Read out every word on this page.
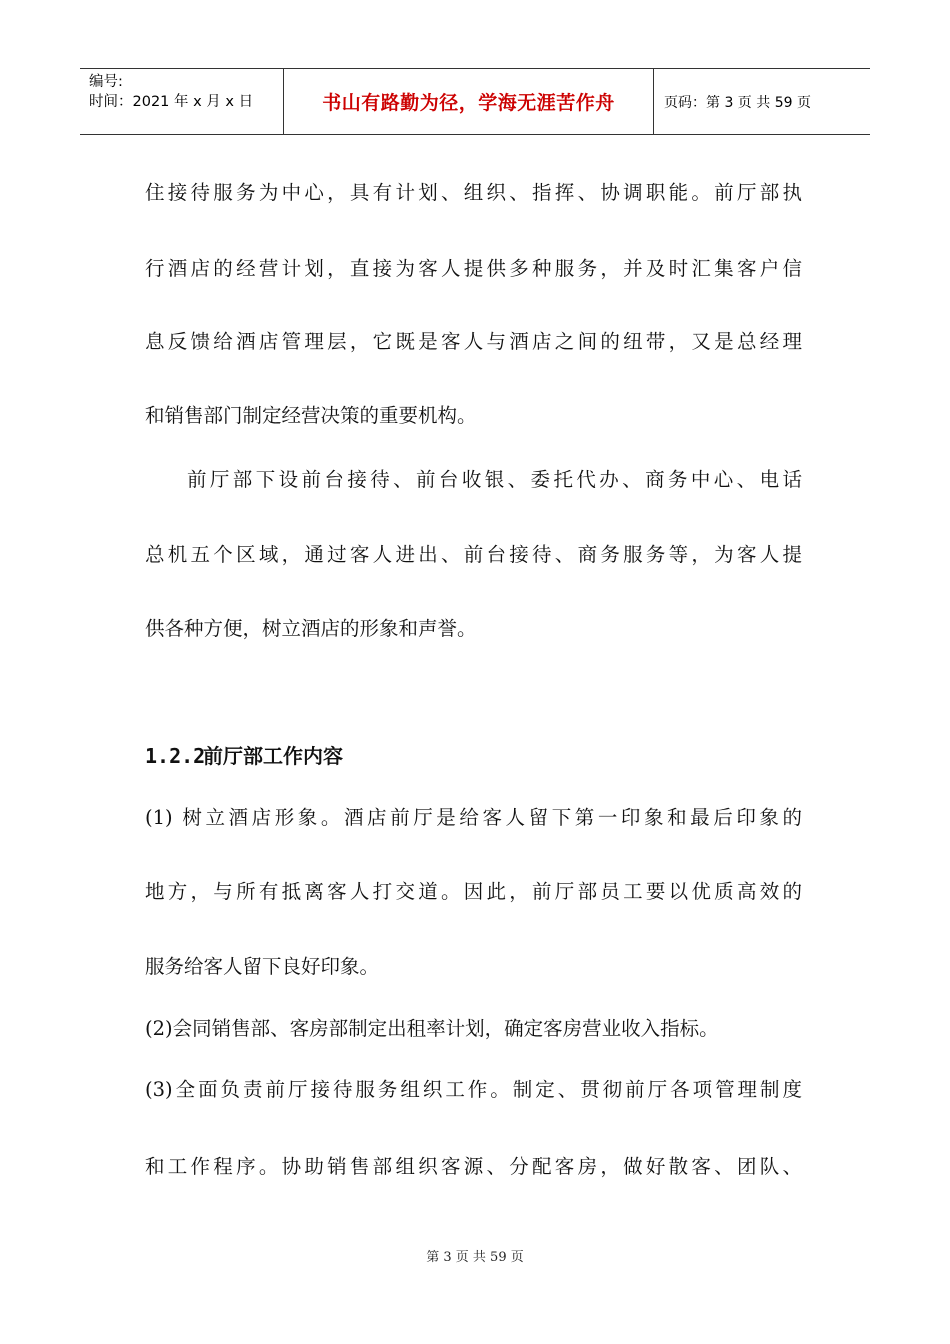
编号:
时间：2021 年 x 月 x 日	书山有路勤为径，学海无涯苦作舟	页码：第 3 页 共 59 页
住接待服务为中心，具有计划、组织、指挥、协调职能。前厅部执
行酒店的经营计划，直接为客人提供多种服务，并及时汇集客户信
息反馈给酒店管理层，它既是客人与酒店之间的纽带，又是总经理
和销售部门制定经营决策的重要机构。
前厅部下设前台接待、前台收银、委托代办、商务中心、电话
总机五个区域，通过客人进出、前台接待、商务服务等，为客人提
供各种方便，树立酒店的形象和声誉。
1.2.2前厅部工作内容
(1) 树立酒店形象。酒店前厅是给客人留下第一印象和最后印象的
地方，与所有抵离客人打交道。因此，前厅部员工要以优质高效的
服务给客人留下良好印象。
(2)会同销售部、客房部制定出租率计划，确定客房营业收入指标。
(3)全面负责前厅接待服务组织工作。制定、贯彻前厅各项管理制度
和工作程序。协助销售部组织客源、分配客房，做好散客、团队、
第 3 页 共 59 页
